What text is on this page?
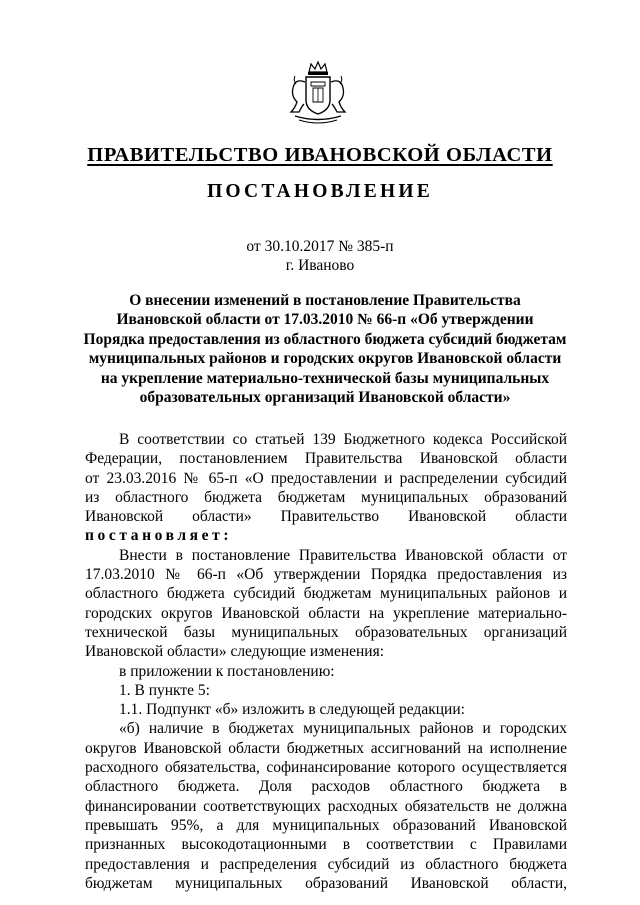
ПРАВИТЕЛЬСТВО ИВАНОВСКОЙ ОБЛАСТИ
ПОСТАНОВЛЕНИЕ
от 30.10.2017 № 385-п
г. Иваново
О внесении изменений в постановление Правительства
Ивановской области от 17.03.2010 № 66-п «Об утверждении
Порядка предоставления из областного бюджета субсидий бюджетам
муниципальных районов и городских округов Ивановской области
на укрепление материально-технической базы муниципальных
образовательных организаций Ивановской области»
В соответствии со статьей 139 Бюджетного кодекса Российской
Федерации, постановлением Правительства Ивановской области
от 23.03.2016 № 65-п «О предоставлении и распределении субсидий
из областного бюджета бюджетам муниципальных образований
Ивановской области» Правительство Ивановской области
постановляет:
Внести в постановление Правительства Ивановской области от
17.03.2010 № 66-п «Об утверждении Порядка предоставления из
областного бюджета субсидий бюджетам муниципальных районов и
городских округов Ивановской области на укрепление материально-
технической базы муниципальных образовательных организаций
Ивановской области» следующие изменения:
в приложении к постановлению:
1. В пункте 5:
1.1. Подпункт «б» изложить в следующей редакции:
«б) наличие в бюджетах муниципальных районов и городских
округов Ивановской области бюджетных ассигнований на исполнение
расходного обязательства, софинансирование которого осуществляется
областного бюджета. Доля расходов областного бюджета в
финансировании соответствующих расходных обязательств не должна
превышать 95%, а для муниципальных образований Ивановской
признанных высокодотационными в соответствии с Правилами
предоставления и распределения субсидий из областного бюджета
бюджетам муниципальных образований Ивановской области,
